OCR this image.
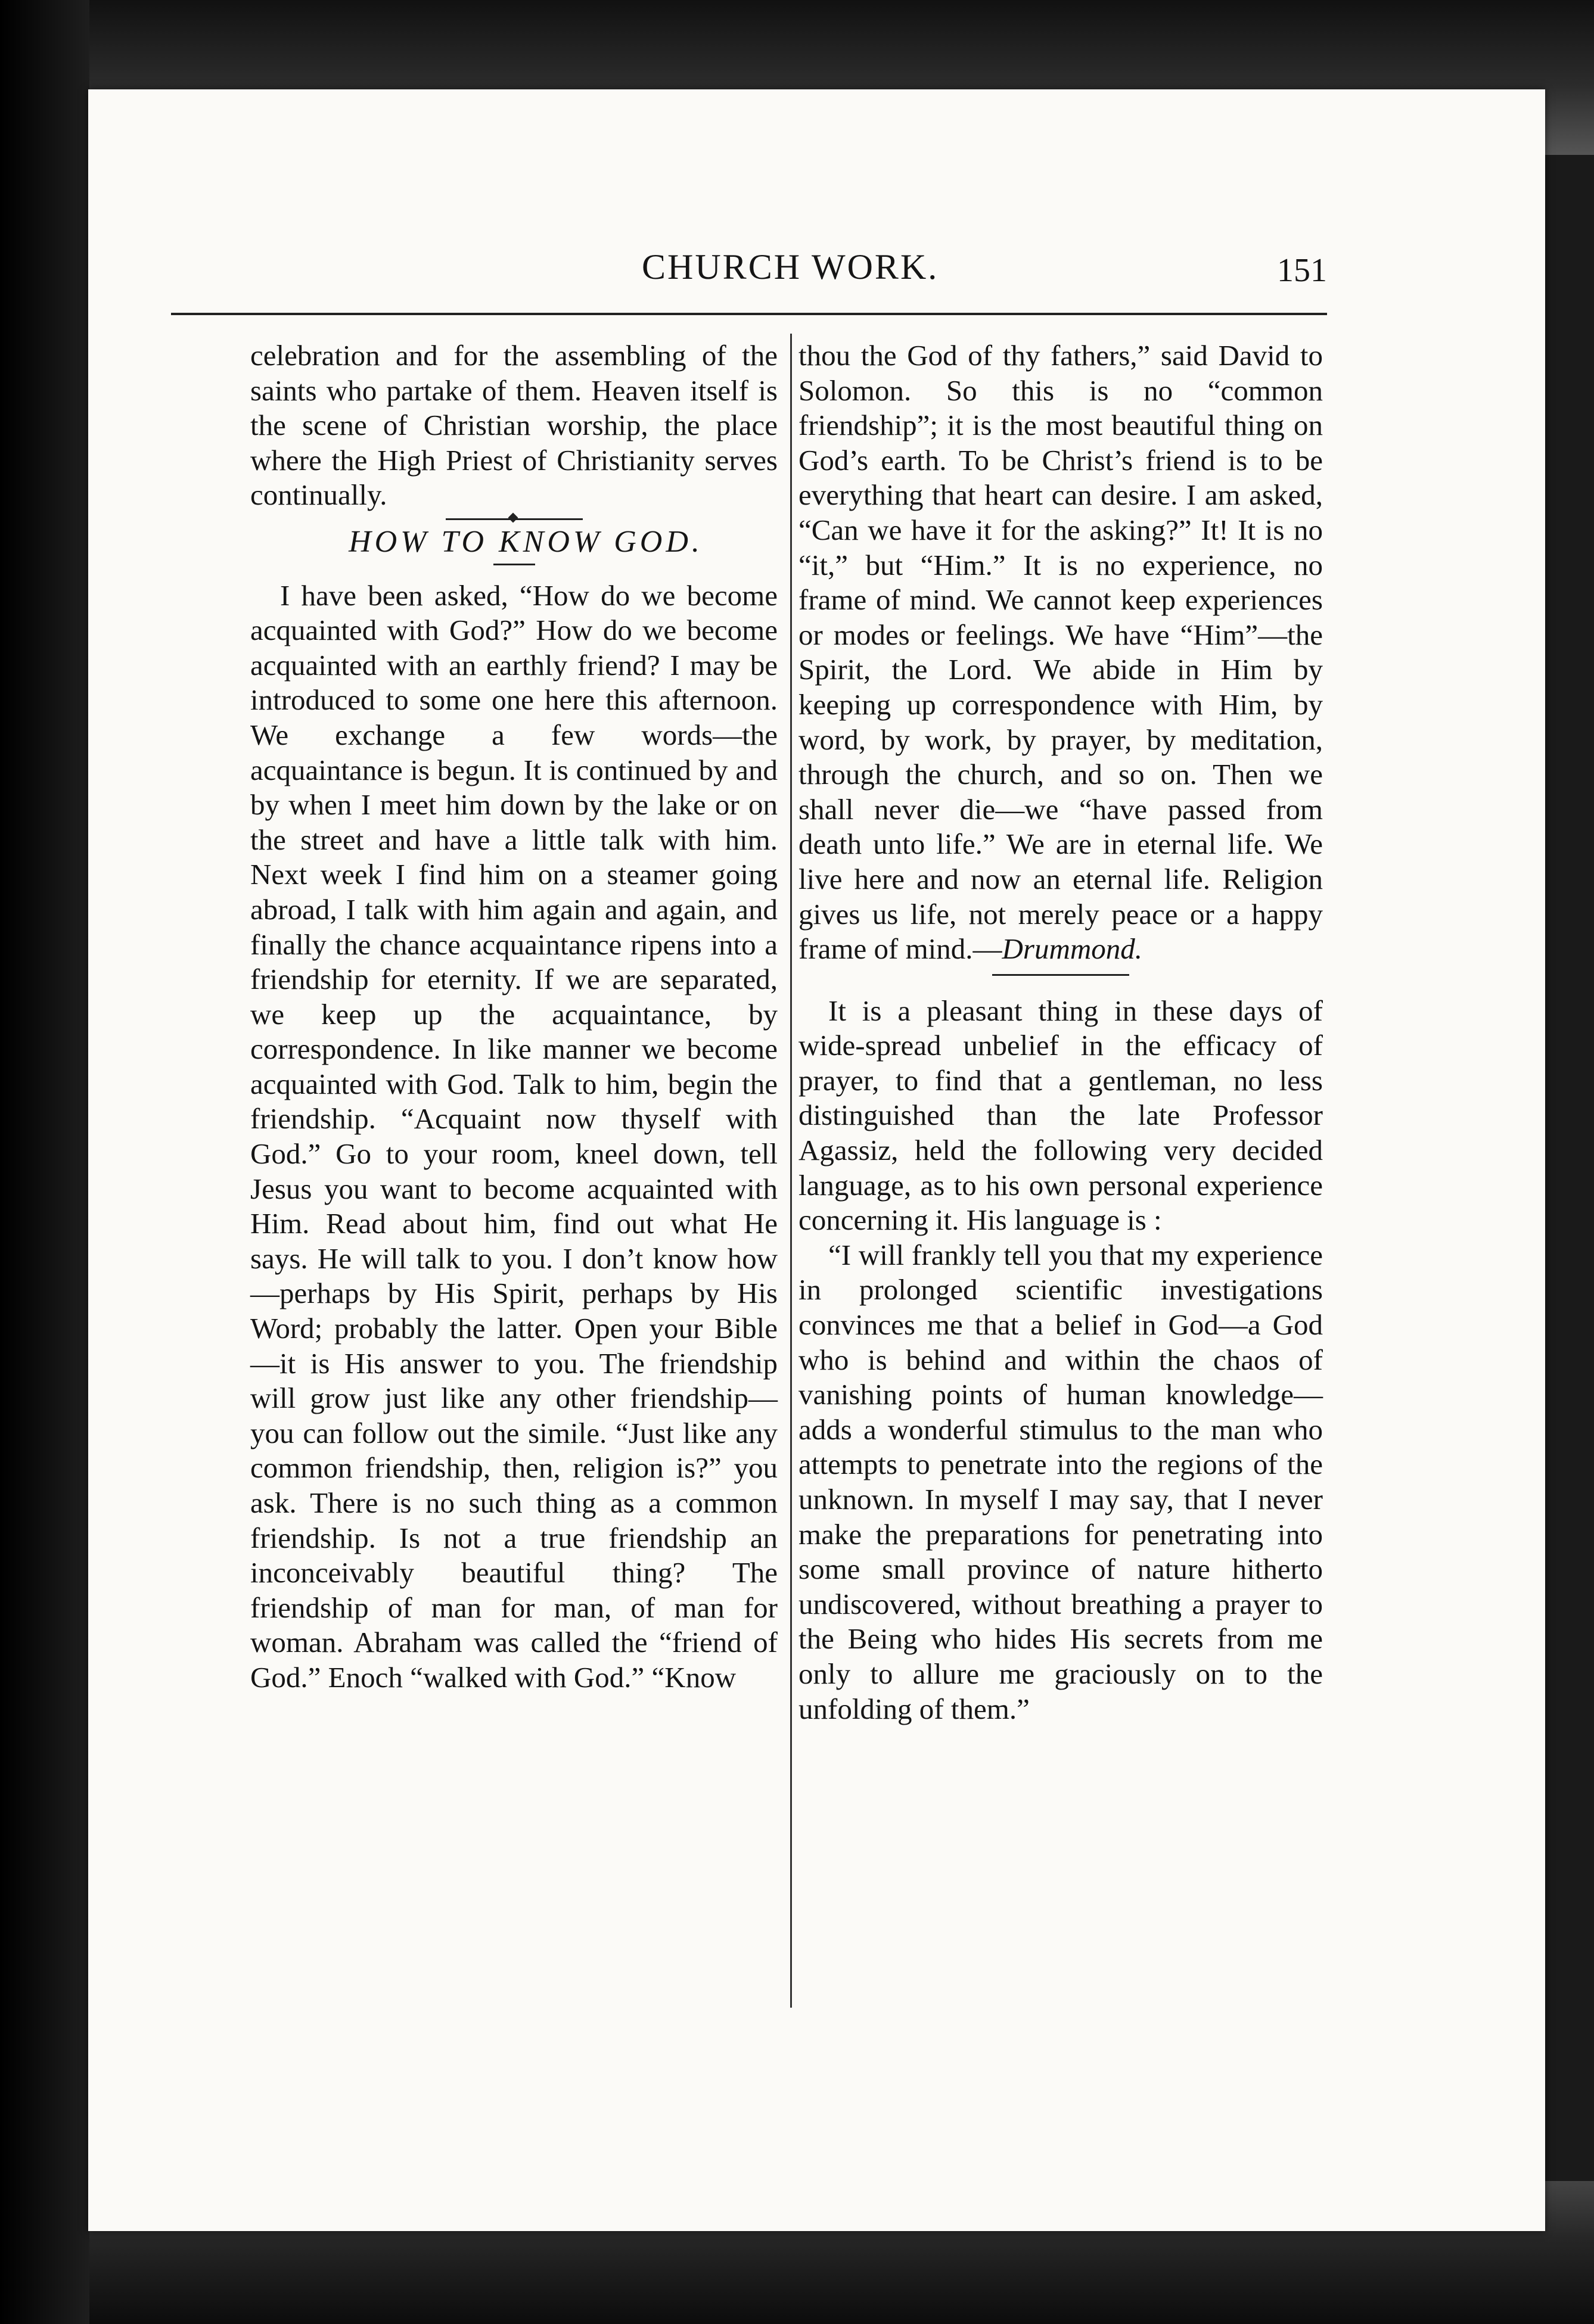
CHURCH WORK.	151

celebration and for the assembling of the saints who partake of them. Heaven itself is the scene of Christian worship, the place where the High Priest of Christianity serves continually.

HOW TO KNOW GOD.

I have been asked, “How do we become acquainted with God?” How do we become acquainted with an earthly friend? I may be introduced to some one here this afternoon. We exchange a few words—the acquaintance is begun. It is continued by and by when I meet him down by the lake or on the street and have a little talk with him. Next week I find him on a steamer going abroad, I talk with him again and again, and finally the chance acquaintance ripens into a friendship for eternity. If we are separated, we keep up the acquaintance, by correspondence. In like manner we become acquainted with God. Talk to him, begin the friendship. “Acquaint now thyself with God.” Go to your room, kneel down, tell Jesus you want to become acquainted with Him. Read about him, find out what He says. He will talk to you. I don’t know how—perhaps by His Spirit, perhaps by His Word; probably the latter. Open your Bible—it is His answer to you. The friendship will grow just like any other friendship—you can follow out the simile. “Just like any common friendship, then, religion is?” you ask. There is no such thing as a common friendship. Is not a true friendship an inconceivably beautiful thing? The friendship of man for man, of man for woman. Abraham was called the “friend of God.” Enoch “walked with God.” “Know

thou the God of thy fathers,” said David to Solomon. So this is no “common friendship”; it is the most beautiful thing on God’s earth. To be Christ’s friend is to be everything that heart can desire. I am asked, “Can we have it for the asking?” It! It is no “it,” but “Him.” It is no experience, no frame of mind. We cannot keep experiences or modes or feelings. We have “Him”—the Spirit, the Lord. We abide in Him by keeping up correspondence with Him, by word, by work, by prayer, by meditation, through the church, and so on. Then we shall never die—we “have passed from death unto life.” We are in eternal life. We live here and now an eternal life. Religion gives us life, not merely peace or a happy frame of mind.—Drummond.

It is a pleasant thing in these days of wide-spread unbelief in the efficacy of prayer, to find that a gentleman, no less distinguished than the late Professor Agassiz, held the following very decided language, as to his own personal experience concerning it. His language is :

“I will frankly tell you that my experience in prolonged scientific investigations convinces me that a belief in God—a God who is behind and within the chaos of vanishing points of human knowledge—adds a wonderful stimulus to the man who attempts to penetrate into the regions of the unknown. In myself I may say, that I never make the preparations for penetrating into some small province of nature hitherto undiscovered, without breathing a prayer to the Being who hides His secrets from me only to allure me graciously on to the unfolding of them.”
